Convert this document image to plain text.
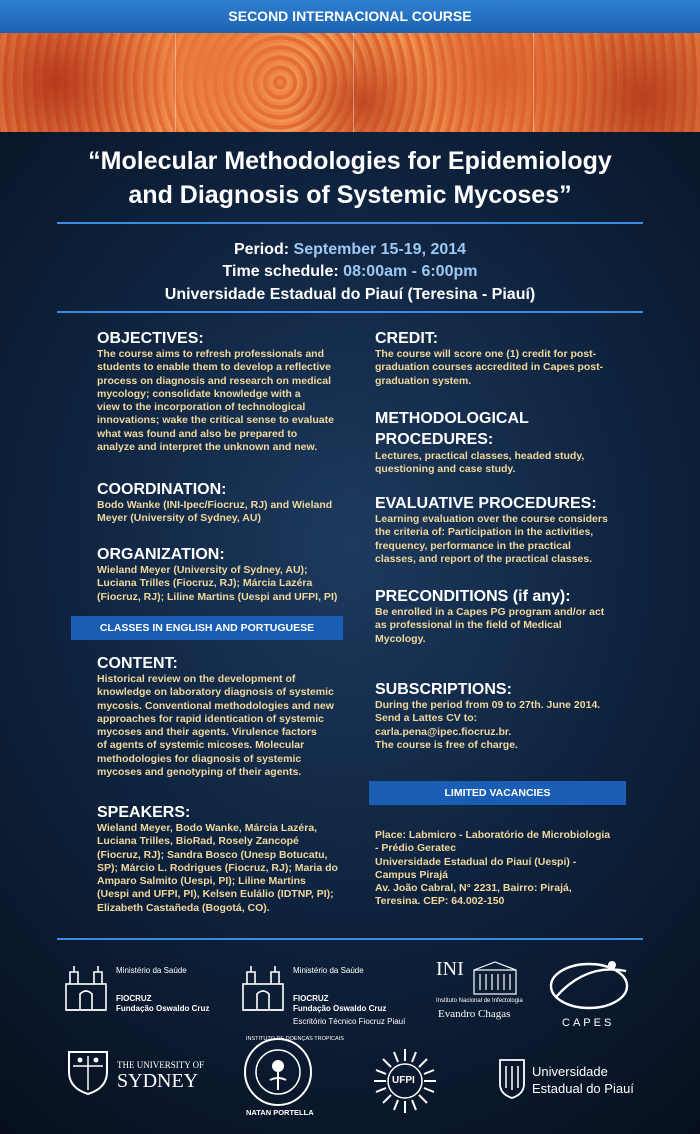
SECOND INTERNACIONAL COURSE
“Molecular Methodologies for Epidemiology
and Diagnosis of Systemic Mycoses”
Period: September 15-19, 2014
Time schedule: 08:00am - 6:00pm
Universidade Estadual do Piauí (Teresina - Piauí)
OBJECTIVES:
The course aims to refresh professionals and
students to enable them to develop a reflective
process on diagnosis and research on medical
mycology; consolidate knowledge with a
view to the incorporation of technological
innovations; wake the critical sense to evaluate
what was found and also be prepared to
analyze and interpret the unknown and new.
COORDINATION:
Bodo Wanke (INI-Ipec/Fiocruz, RJ) and Wieland
Meyer (University of Sydney, AU)
ORGANIZATION:
Wieland Meyer (University of Sydney, AU);
Luciana Trilles (Fiocruz, RJ); Márcia Lazéra
(Fiocruz, RJ); Liline Martins (Uespi and UFPI, PI)
CLASSES IN ENGLISH AND PORTUGUESE
CONTENT:
Historical review on the development of
knowledge on laboratory diagnosis of systemic
mycosis. Conventional methodologies and new
approaches for rapid identication of systemic
mycoses and their agents. Virulence factors
of agents of systemic micoses. Molecular
methodologies for diagnosis of systemic
mycoses and genotyping of their agents.
SPEAKERS:
Wieland Meyer, Bodo Wanke, Márcia Lazéra,
Luciana Trilles, BioRad, Rosely Zancopé
(Fiocruz, RJ); Sandra Bosco (Unesp Botucatu,
SP); Márcio L. Rodrigues (Fiocruz, RJ); Maria do
Amparo Salmito (Uespi, PI); Liline Martins
(Uespi and UFPI, PI), Kelsen Eulálio (IDTNP, PI);
Elizabeth Castañeda (Bogotá, CO).
CREDIT:
The course will score one (1) credit for post-
graduation courses accredited in Capes post-
graduation system.
METHODOLOGICAL
PROCEDURES:
Lectures, practical classes, headed study,
questioning and case study.
EVALUATIVE PROCEDURES:
Learning evaluation over the course considers
the criteria of: Participation in the activities,
frequency, performance in the practical
classes, and report of the practical classes.
PRECONDITIONS (if any):
Be enrolled in a Capes PG program and/or act
as professional in the field of Medical
Mycology.
SUBSCRIPTIONS:
During the period from 09 to 27th. June 2014.
Send a Lattes CV to:
carla.pena@ipec.fiocruz.br.
The course is free of charge.
LIMITED VACANCIES
Place: Labmicro - Laboratório de Microbiologia
- Prédio Geratec
Universidade Estadual do Piauí (Uespi) -
Campus Pirajá
Av. João Cabral, N° 2231, Bairro: Pirajá,
Teresina. CEP: 64.002-150
Ministério da Saúde
FIOCRUZ
Fundação Oswaldo Cruz
Ministério da Saúde
FIOCRUZ
Fundação Oswaldo Cruz
Escritório Técnico Fiocruz Piauí
INI
Instituto Nacional de Infectologia
Evandro Chagas
CAPES
THE UNIVERSITY OF
SYDNEY
INSTITUTO DE DOENÇAS TROPICAIS
NATAN PORTELLA
UFPI
Universidade
Estadual do Piauí
